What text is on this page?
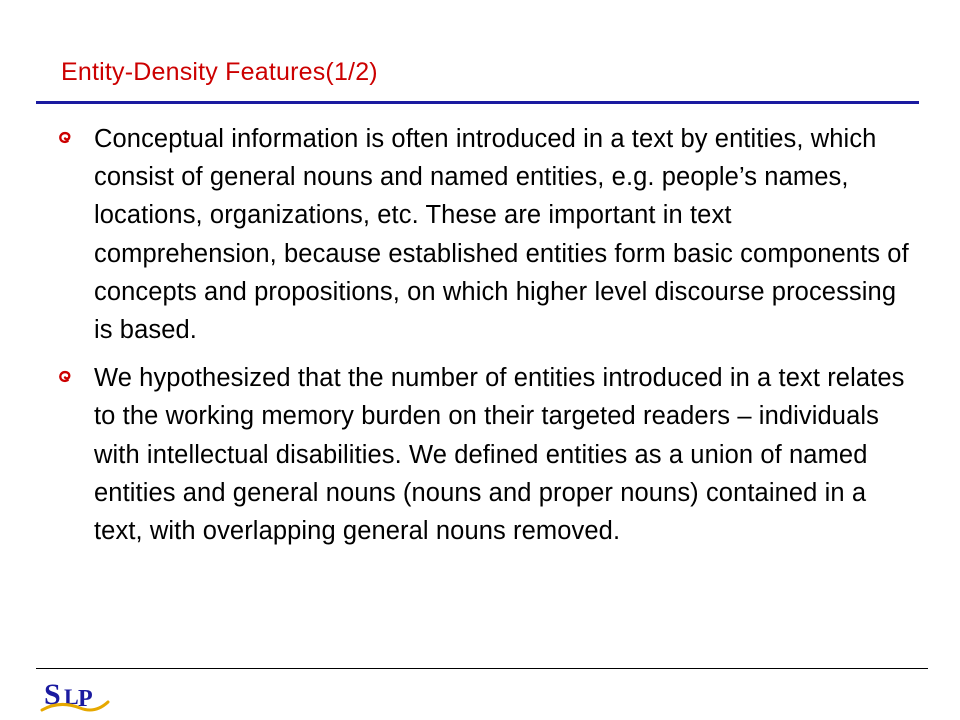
Entity-Density Features(1/2)
Conceptual information is often introduced in a text by entities, which consist of general nouns and named entities, e.g. people’s names, locations, organizations, etc. These are important in text comprehension, because established entities form basic components of concepts and propositions, on which higher level discourse processing is based.
We hypothesized that the number of entities introduced in a text relates to the working memory burden on their targeted readers – individuals with intellectual disabilities. We defined entities as a union of named entities and general nouns (nouns and proper nouns) contained in a text, with overlapping general nouns removed.
S L P
